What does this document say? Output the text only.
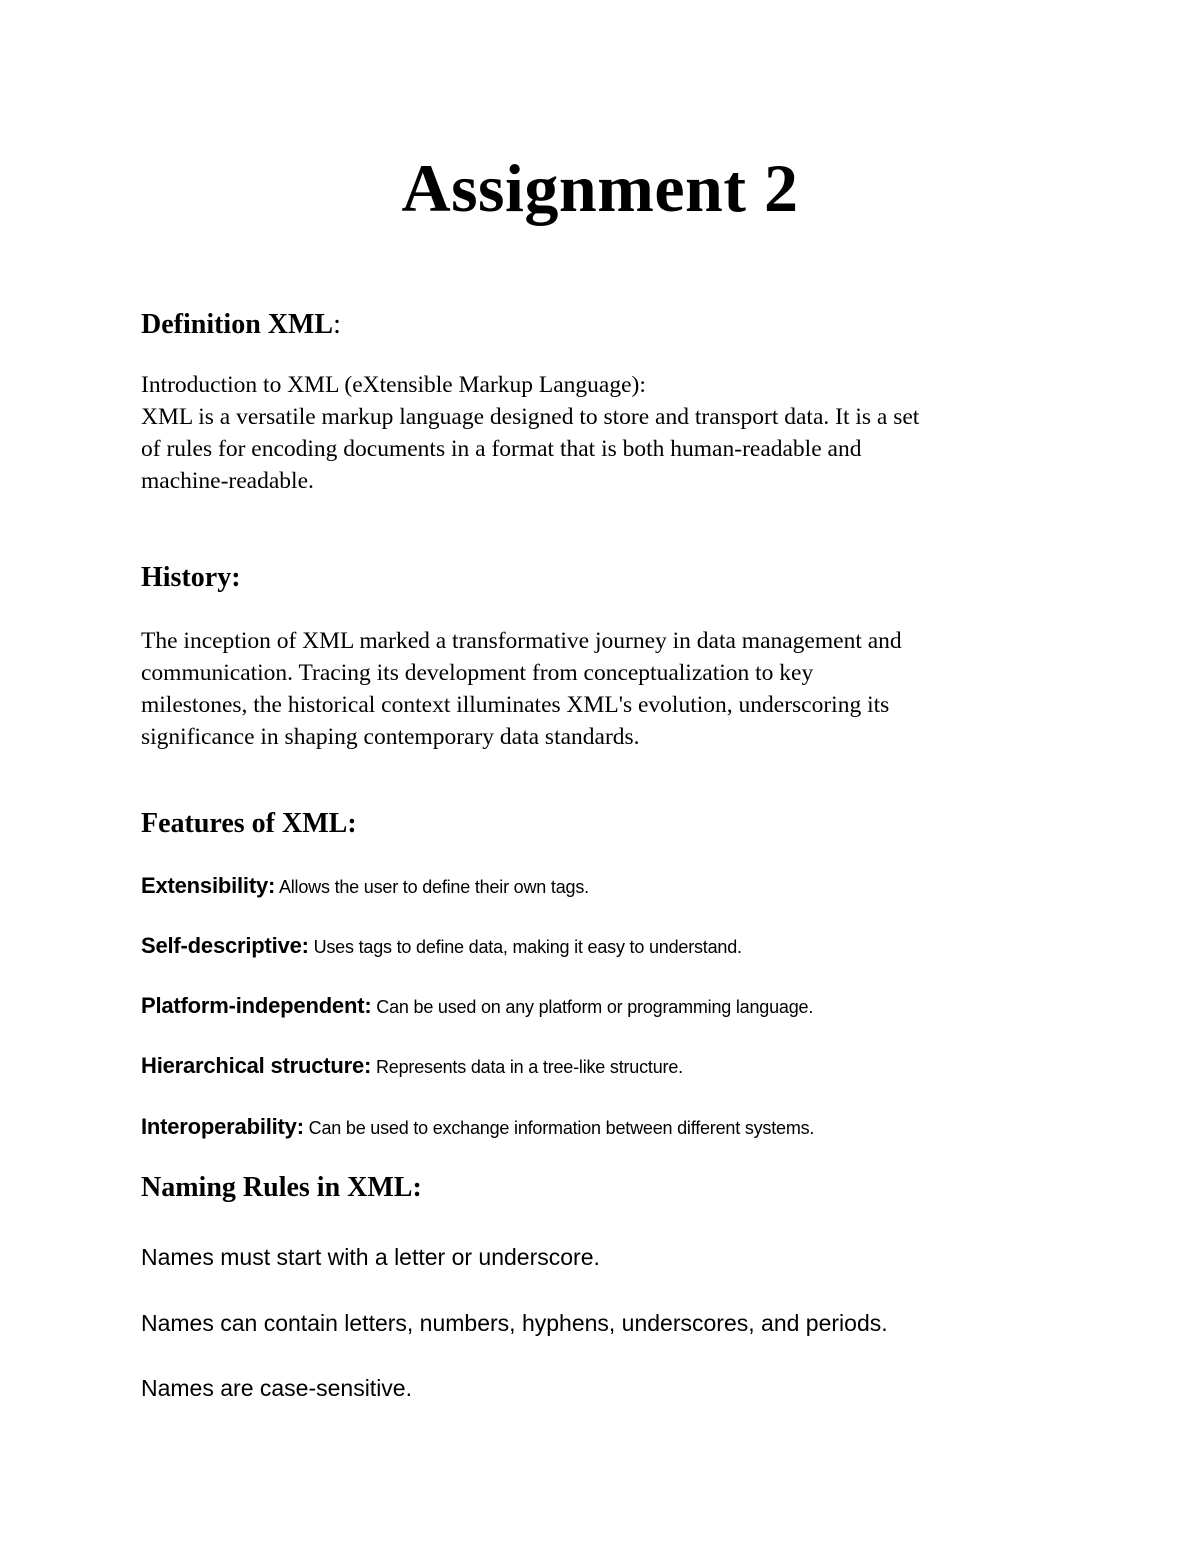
Assignment 2
Definition XML:
Introduction to XML (eXtensible Markup Language):
XML is a versatile markup language designed to store and transport data. It is a set
of rules for encoding documents in a format that is both human-readable and
machine-readable.
History:
The inception of XML marked a transformative journey in data management and
communication. Tracing its development from conceptualization to key
milestones, the historical context illuminates XML's evolution, underscoring its
significance in shaping contemporary data standards.
Features of XML:
Extensibility: Allows the user to define their own tags.
Self-descriptive: Uses tags to define data, making it easy to understand.
Platform-independent: Can be used on any platform or programming language.
Hierarchical structure: Represents data in a tree-like structure.
Interoperability: Can be used to exchange information between different systems.
Naming Rules in XML:
Names must start with a letter or underscore.
Names can contain letters, numbers, hyphens, underscores, and periods.
Names are case-sensitive.
